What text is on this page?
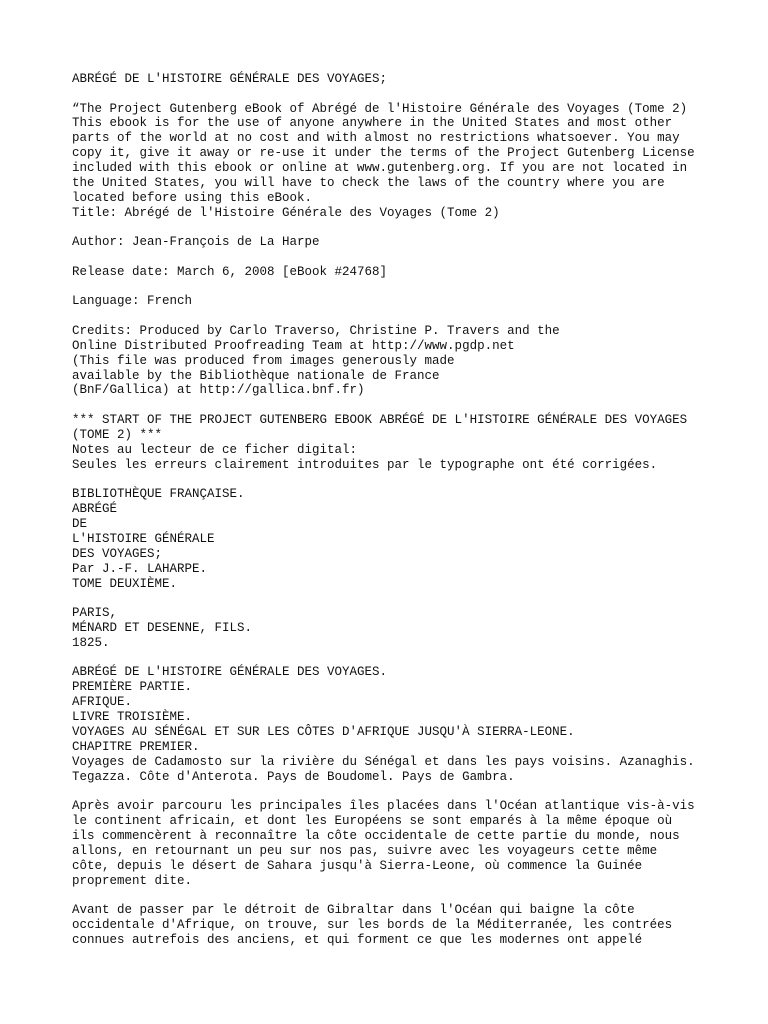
ABRÉGÉ DE L'HISTOIRE GÉNÉRALE DES VOYAGES;
“The Project Gutenberg eBook of Abrégé de l'Histoire Générale des Voyages (Tome 2)
This ebook is for the use of anyone anywhere in the United States and most other
parts of the world at no cost and with almost no restrictions whatsoever. You may
copy it, give it away or re-use it under the terms of the Project Gutenberg License
included with this ebook or online at www.gutenberg.org. If you are not located in
the United States, you will have to check the laws of the country where you are
located before using this eBook.
Title: Abrégé de l'Histoire Générale des Voyages (Tome 2)
Author: Jean-François de La Harpe
Release date: March 6, 2008 [eBook #24768]
Language: French
Credits: Produced by Carlo Traverso, Christine P. Travers and the
Online Distributed Proofreading Team at http://www.pgdp.net
(This file was produced from images generously made
available by the Bibliothèque nationale de France
(BnF/Gallica) at http://gallica.bnf.fr)
*** START OF THE PROJECT GUTENBERG EBOOK ABRÉGÉ DE L'HISTOIRE GÉNÉRALE DES VOYAGES
(TOME 2) ***
Notes au lecteur de ce ficher digital:
Seules les erreurs clairement introduites par le typographe ont été corrigées.
BIBLIOTHÈQUE FRANÇAISE.
ABRÉGÉ
DE
L'HISTOIRE GÉNÉRALE
DES VOYAGES;
Par J.-F. LAHARPE.
TOME DEUXIÈME.
PARIS,
MÉNARD ET DESENNE, FILS.
1825.
ABRÉGÉ DE L'HISTOIRE GÉNÉRALE DES VOYAGES.
PREMIÈRE PARTIE.
AFRIQUE.
LIVRE TROISIÈME.
VOYAGES AU SÉNÉGAL ET SUR LES CÔTES D'AFRIQUE JUSQU'À SIERRA-LEONE.
CHAPITRE PREMIER.
Voyages de Cadamosto sur la rivière du Sénégal et dans les pays voisins. Azanaghis.
Tegazza. Côte d'Anterota. Pays de Boudomel. Pays de Gambra.
Après avoir parcouru les principales îles placées dans l'Océan atlantique vis-à-vis
le continent africain, et dont les Européens se sont emparés à la même époque où
ils commencèrent à reconnaître la côte occidentale de cette partie du monde, nous
allons, en retournant un peu sur nos pas, suivre avec les voyageurs cette même
côte, depuis le désert de Sahara jusqu'à Sierra-Leone, où commence la Guinée
proprement dite.
Avant de passer par le détroit de Gibraltar dans l'Océan qui baigne la côte
occidentale d'Afrique, on trouve, sur les bords de la Méditerranée, les contrées
connues autrefois des anciens, et qui forment ce que les modernes ont appelé
